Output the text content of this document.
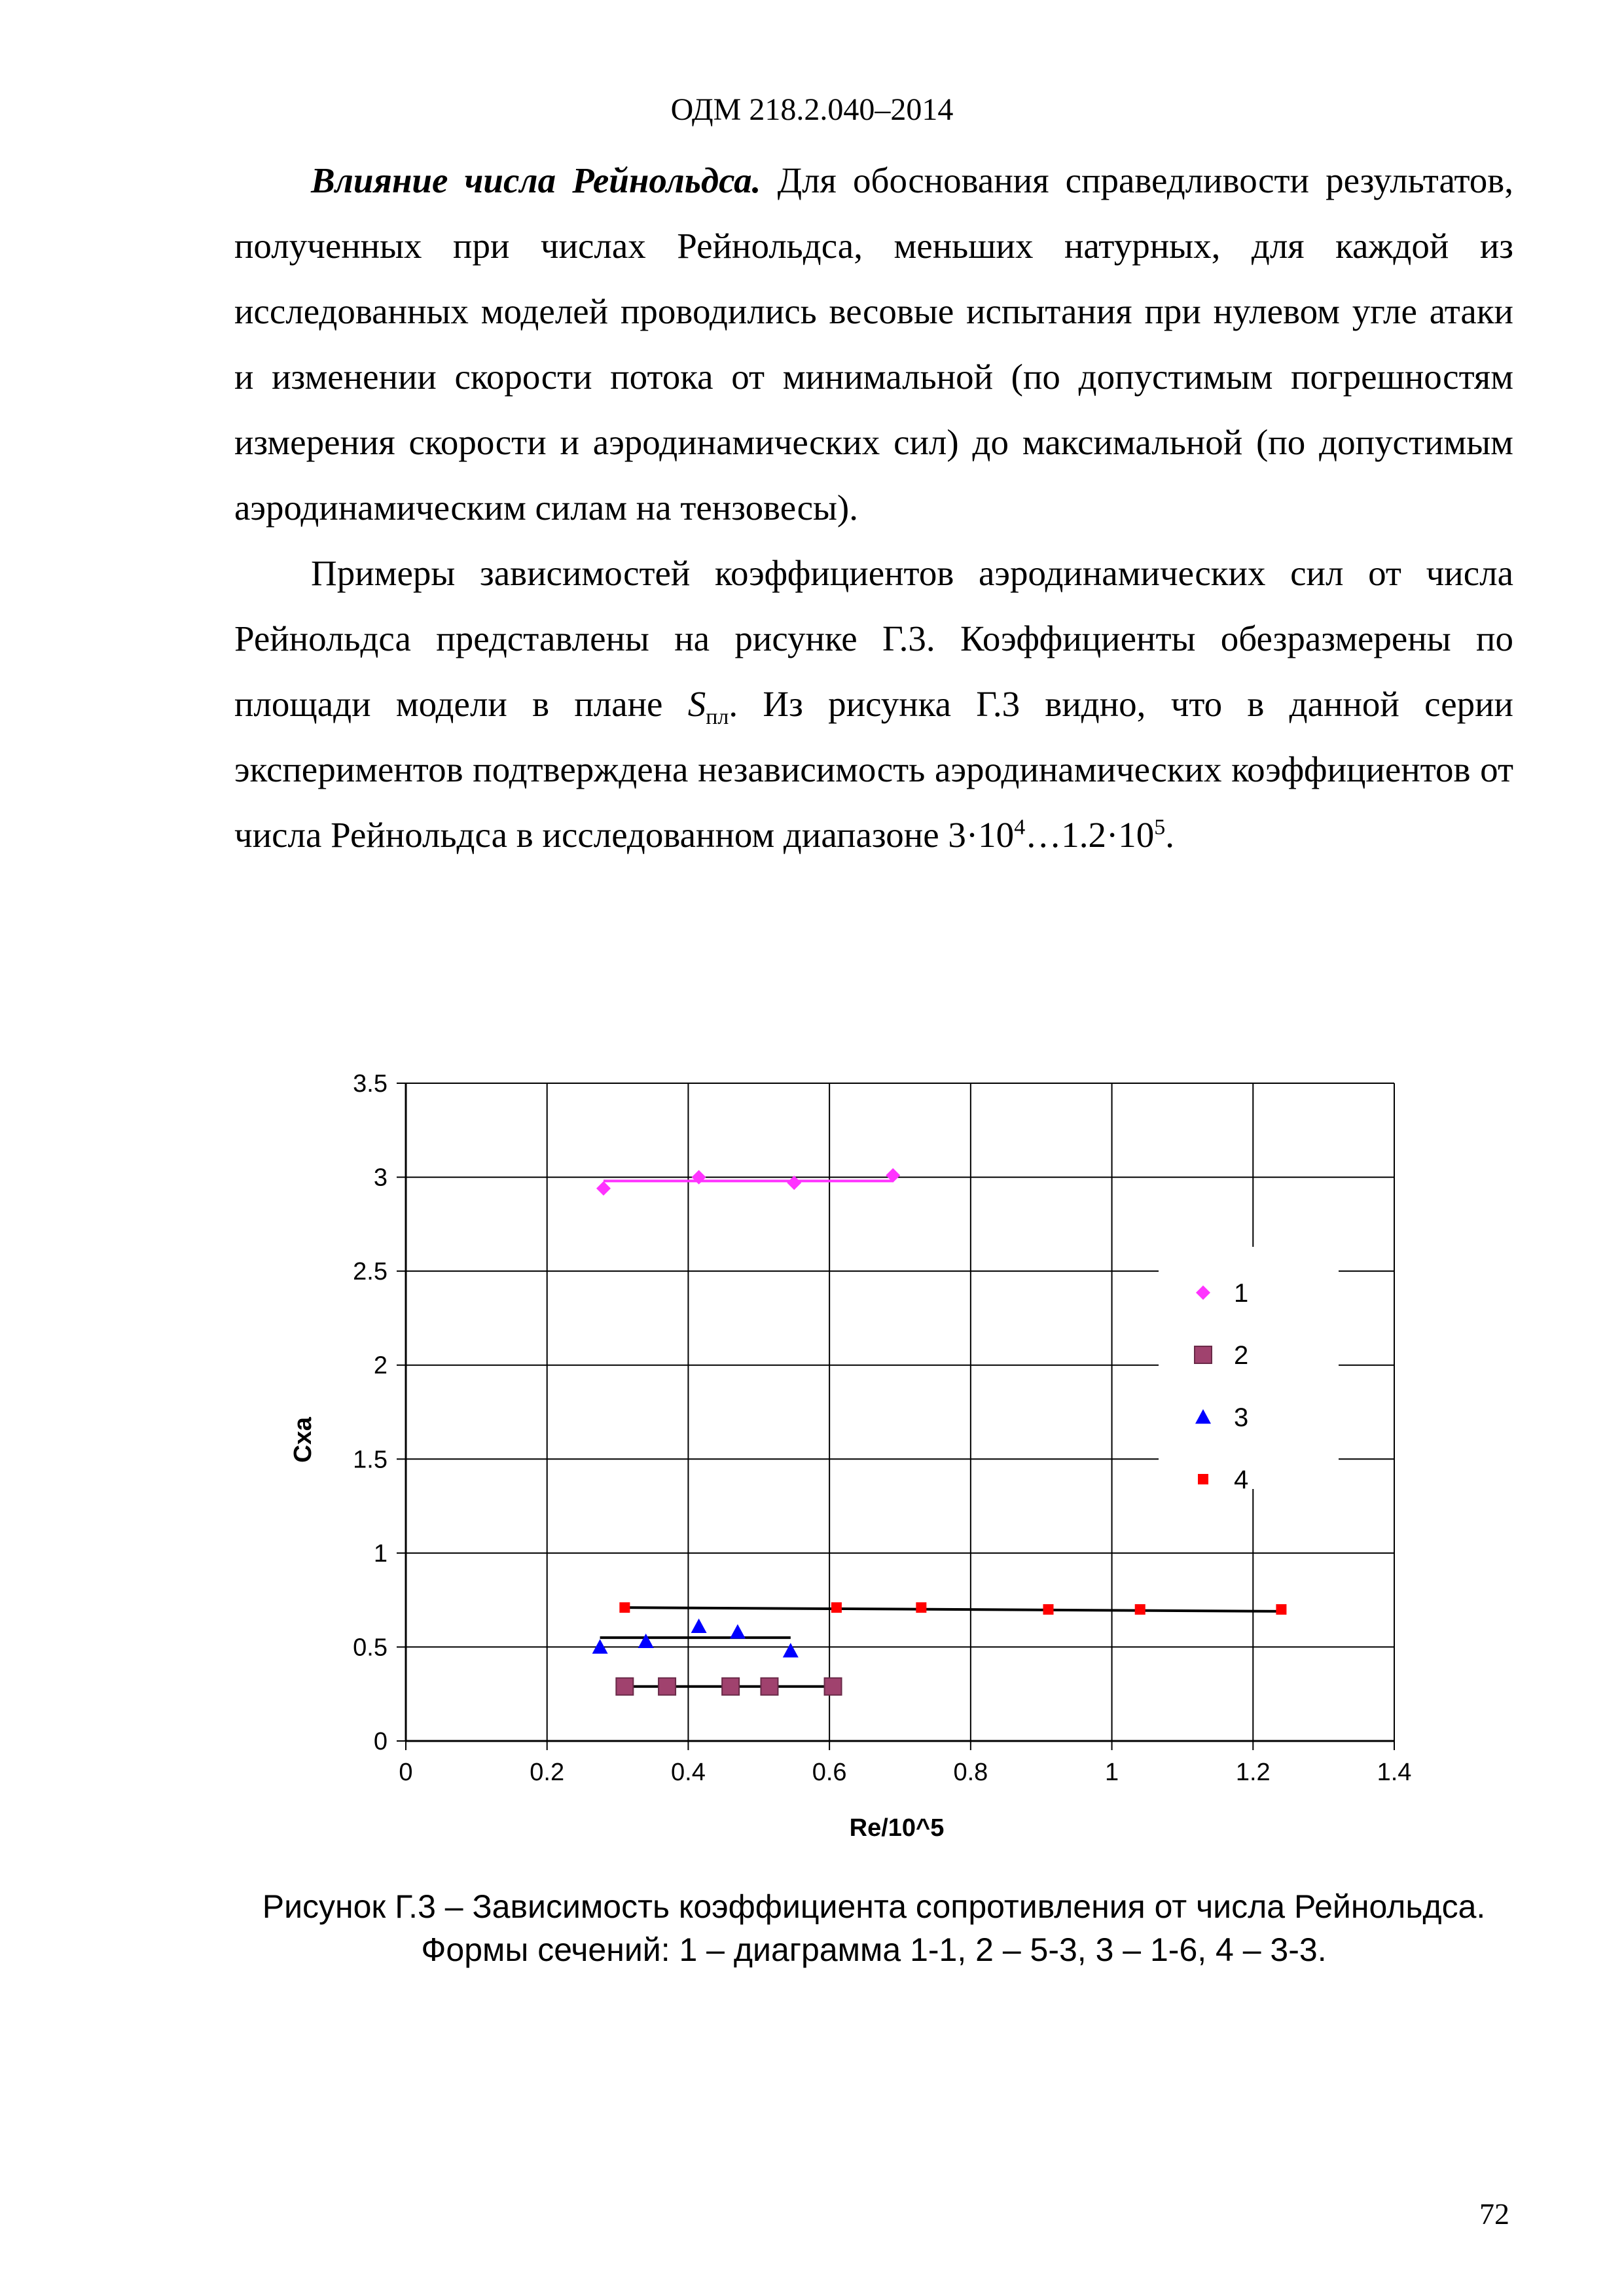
ОДМ 218.2.040–2014

Влияние числа Рейнольдса. Для обоснования справедливости результатов, полученных при числах Рейнольдса, меньших натурных, для каждой из исследованных моделей проводились весовые испытания при нулевом угле атаки и изменении скорости потока от минимальной (по допустимым погрешностям измерения скорости и аэродинамических сил) до максимальной (по допустимым аэродинамическим силам на тензовесы).

Примеры зависимостей коэффициентов аэродинамических сил от числа Рейнольдса представлены на рисунке Г.3. Коэффициенты обезразмерены по площади модели в плане $S_{пл}$. Из рисунка Г.3 видно, что в данной серии экспериментов подтверждена независимость аэродинамических коэффициентов от числа Рейнольдса в исследованном диапазоне $3\cdot 10^4\dots 1.2\cdot 10^5$.

0	0.2	0.4	0.6	0.8	1	1.2	1.4
0
0.5
1
1.5
2
2.5
3
3.5
1
2
3
4
Cxa
Re/10^5
Рисунок Г.3 – Зависимость коэффициента сопротивления от числа Рейнольдса. Формы сечений: 1 – диаграмма 1-1, 2 – 5-3, 3 – 1-6, 4 – 3-3.

72
